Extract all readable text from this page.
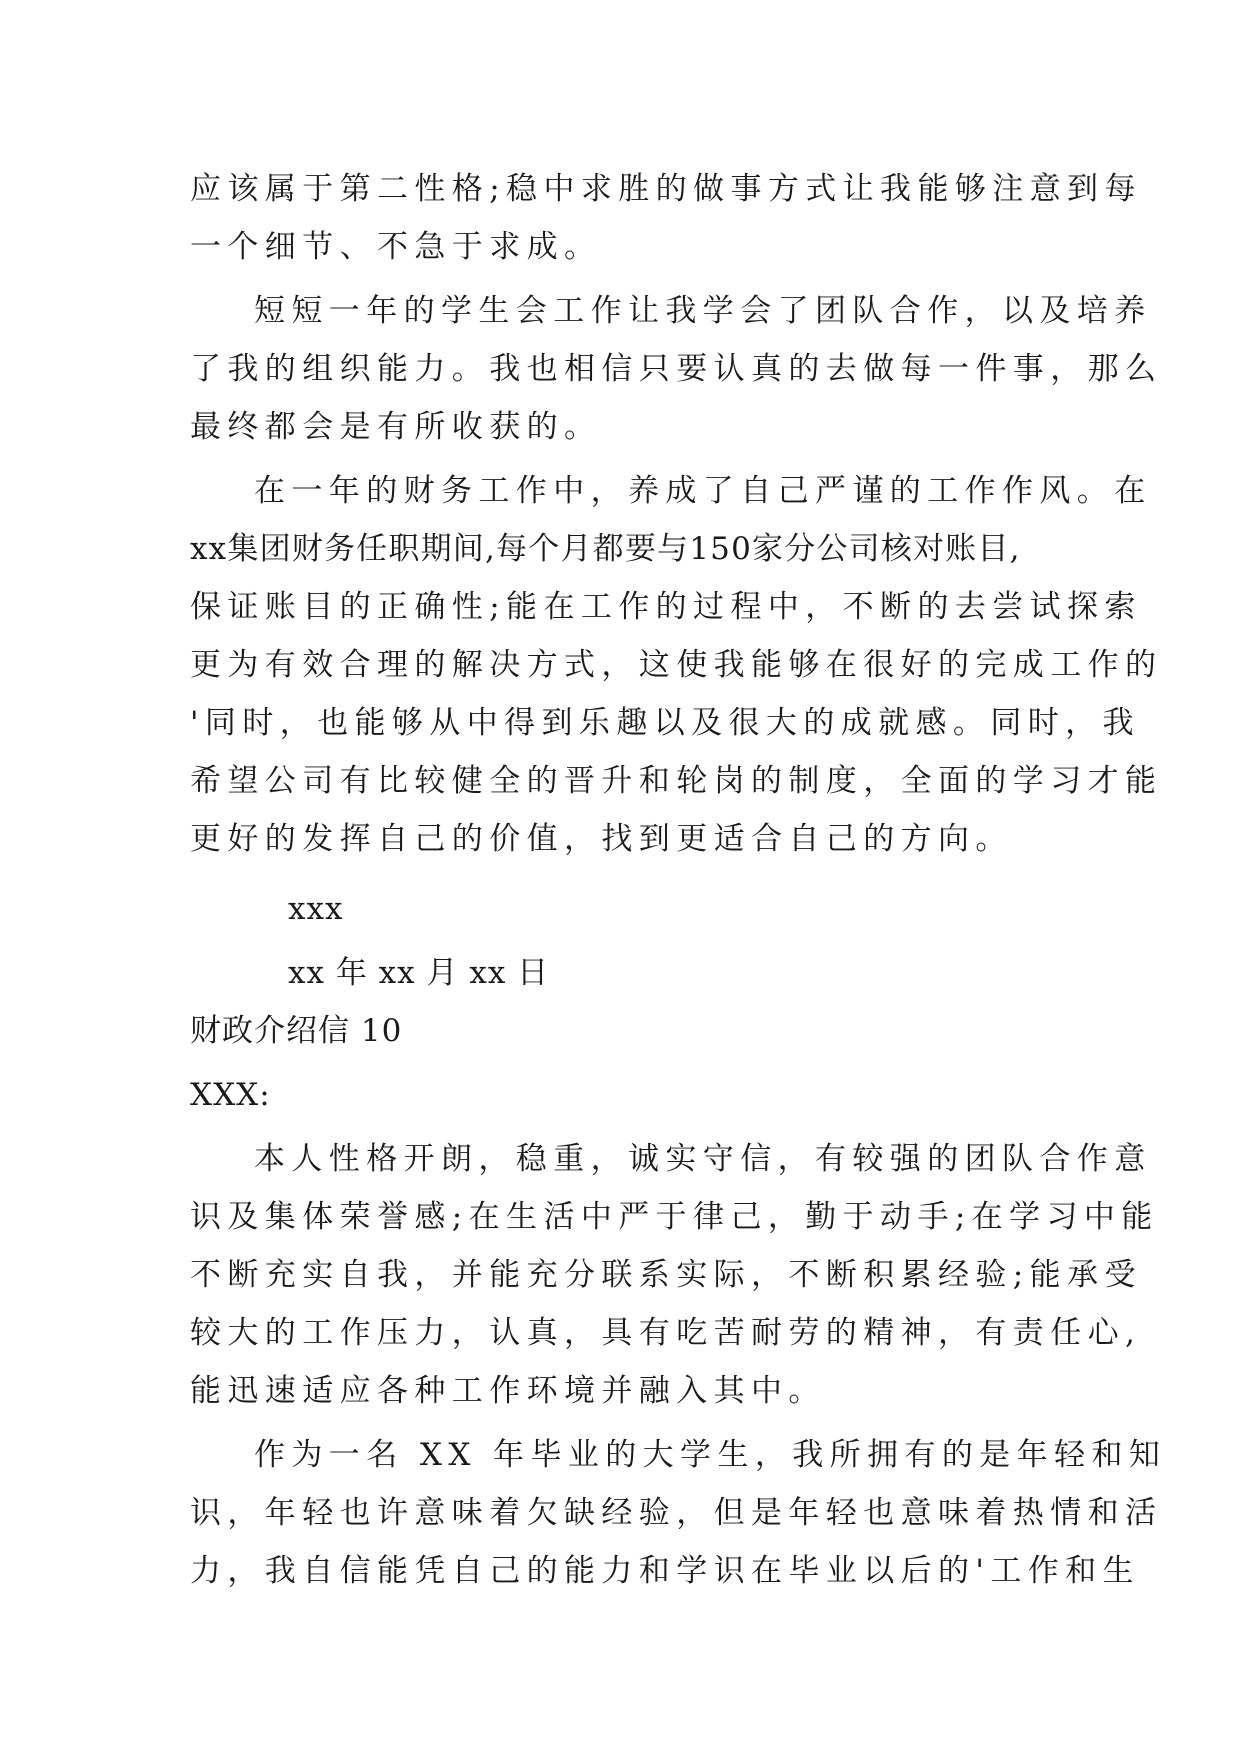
应该属于第二性格;稳中求胜的做事方式让我能够注意到每
一个细节、不急于求成。
短短一年的学生会工作让我学会了团队合作，以及培养
了我的组织能力。我也相信只要认真的去做每一件事，那么
最终都会是有所收获的。
在一年的财务工作中，养成了自己严谨的工作作风。在
xx集团财务任职期间,每个月都要与150家分公司核对账目,
保证账目的正确性;能在工作的过程中，不断的去尝试探索
更为有效合理的解决方式，这使我能够在很好的完成工作的
'同时，也能够从中得到乐趣以及很大的成就感。同时，我
希望公司有比较健全的晋升和轮岗的制度，全面的学习才能
更好的发挥自己的价值，找到更适合自己的方向。
xxx
xx 年 xx 月 xx 日
财政介绍信 10
XXX:
本人性格开朗，稳重，诚实守信，有较强的团队合作意
识及集体荣誉感;在生活中严于律己，勤于动手;在学习中能
不断充实自我，并能充分联系实际，不断积累经验;能承受
较大的工作压力，认真，具有吃苦耐劳的精神，有责任心,
能迅速适应各种工作环境并融入其中。
作为一名 XX 年毕业的大学生，我所拥有的是年轻和知
识，年轻也许意味着欠缺经验，但是年轻也意味着热情和活
力，我自信能凭自己的能力和学识在毕业以后的'工作和生
